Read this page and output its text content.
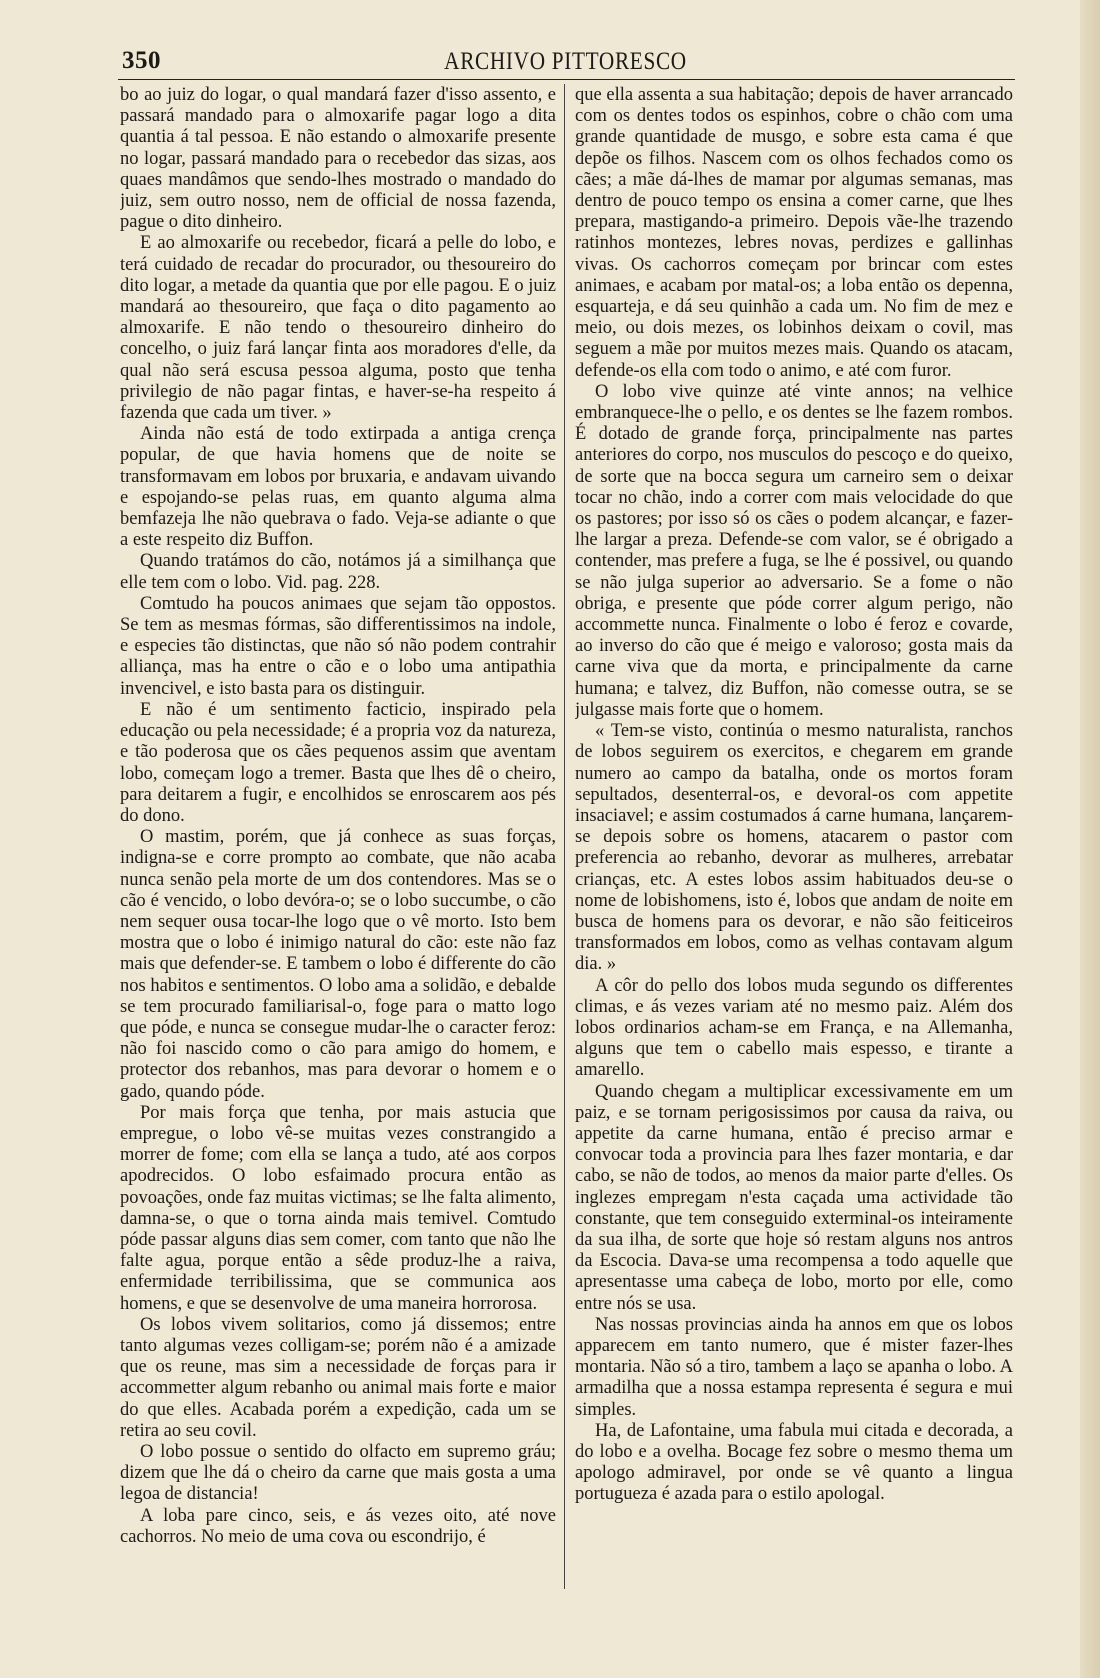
350	ARCHIVO PITTORESCO

bo ao juiz do logar, o qual mandará fazer d'isso assento, e passará mandado para o almoxarife pagar logo a dita quantia á tal pessoa. E não estando o almoxarife presente no logar, passará mandado para o recebedor das sizas, aos quaes mandâmos que sendo-lhes mostrado o mandado do juiz, sem outro nosso, nem de official de nossa fazenda, pague o dito dinheiro.

E ao almoxarife ou recebedor, ficará a pelle do lobo, e terá cuidado de recadar do procurador, ou thesoureiro do dito logar, a metade da quantia que por elle pagou. E o juiz mandará ao thesoureiro, que faça o dito pagamento ao almoxarife. E não tendo o thesoureiro dinheiro do concelho, o juiz fará lançar finta aos moradores d'elle, da qual não será escusa pessoa alguma, posto que tenha privilegio de não pagar fintas, e haver-se-ha respeito á fazenda que cada um tiver. »

Ainda não está de todo extirpada a antiga crença popular, de que havia homens que de noite se transformavam em lobos por bruxaria, e andavam uivando e espojando-se pelas ruas, em quanto alguma alma bemfazeja lhe não quebrava o fado. Veja-se adiante o que a este respeito diz Buffon.

Quando tratámos do cão, notámos já a similhança que elle tem com o lobo. Vid. pag. 228.

Comtudo ha poucos animaes que sejam tão oppostos. Se tem as mesmas fórmas, são differentissimos na indole, e especies tão distinctas, que não só não podem contrahir alliança, mas ha entre o cão e o lobo uma antipathia invencivel, e isto basta para os distinguir.

E não é um sentimento facticio, inspirado pela educação ou pela necessidade; é a propria voz da natureza, e tão poderosa que os cães pequenos assim que aventam lobo, começam logo a tremer. Basta que lhes dê o cheiro, para deitarem a fugir, e encolhidos se enroscarem aos pés do dono.

O mastim, porém, que já conhece as suas forças, indigna-se e corre prompto ao combate, que não acaba nunca senão pela morte de um dos contendores. Mas se o cão é vencido, o lobo devóra-o; se o lobo succumbe, o cão nem sequer ousa tocar-lhe logo que o vê morto. Isto bem mostra que o lobo é inimigo natural do cão: este não faz mais que defender-se. E tambem o lobo é differente do cão nos habitos e sentimentos. O lobo ama a solidão, e debalde se tem procurado familiarisal-o, foge para o matto logo que póde, e nunca se consegue mudar-lhe o caracter feroz: não foi nascido como o cão para amigo do homem, e protector dos rebanhos, mas para devorar o homem e o gado, quando póde.

Por mais força que tenha, por mais astucia que empregue, o lobo vê-se muitas vezes constrangido a morrer de fome; com ella se lança a tudo, até aos corpos apodrecidos. O lobo esfaimado procura então as povoações, onde faz muitas victimas; se lhe falta alimento, damna-se, o que o torna ainda mais temivel. Comtudo póde passar alguns dias sem comer, com tanto que não lhe falte agua, porque então a sêde produz-lhe a raiva, enfermidade terribilissima, que se communica aos homens, e que se desenvolve de uma maneira horrorosa.

Os lobos vivem solitarios, como já dissemos; entre tanto algumas vezes colligam-se; porém não é a amizade que os reune, mas sim a necessidade de forças para ir accommetter algum rebanho ou animal mais forte e maior do que elles. Acabada porém a expedição, cada um se retira ao seu covil.

O lobo possue o sentido do olfacto em supremo gráu; dizem que lhe dá o cheiro da carne que mais gosta a uma legoa de distancia!

A loba pare cinco, seis, e ás vezes oito, até nove cachorros. No meio de uma cova ou escondrijo, é

que ella assenta a sua habitação; depois de haver arrancado com os dentes todos os espinhos, cobre o chão com uma grande quantidade de musgo, e sobre esta cama é que depõe os filhos. Nascem com os olhos fechados como os cães; a mãe dá-lhes de mamar por algumas semanas, mas dentro de pouco tempo os ensina a comer carne, que lhes prepara, mastigando-a primeiro. Depois vãe-lhe trazendo ratinhos montezes, lebres novas, perdizes e gallinhas vivas. Os cachorros começam por brincar com estes animaes, e acabam por matal-os; a loba então os depenna, esquarteja, e dá seu quinhão a cada um. No fim de mez e meio, ou dois mezes, os lobinhos deixam o covil, mas seguem a mãe por muitos mezes mais. Quando os atacam, defende-os ella com todo o animo, e até com furor.

O lobo vive quinze até vinte annos; na velhice embranquece-lhe o pello, e os dentes se lhe fazem rombos. É dotado de grande força, principalmente nas partes anteriores do corpo, nos musculos do pescoço e do queixo, de sorte que na bocca segura um carneiro sem o deixar tocar no chão, indo a correr com mais velocidade do que os pastores; por isso só os cães o podem alcançar, e fazer-lhe largar a preza. Defende-se com valor, se é obrigado a contender, mas prefere a fuga, se lhe é possivel, ou quando se não julga superior ao adversario. Se a fome o não obriga, e presente que póde correr algum perigo, não accommette nunca. Finalmente o lobo é feroz e covarde, ao inverso do cão que é meigo e valoroso; gosta mais da carne viva que da morta, e principalmente da carne humana; e talvez, diz Buffon, não comesse outra, se se julgasse mais forte que o homem.

« Tem-se visto, continúa o mesmo naturalista, ranchos de lobos seguirem os exercitos, e chegarem em grande numero ao campo da batalha, onde os mortos foram sepultados, desenterral-os, e devoral-os com appetite insaciavel; e assim costumados á carne humana, lançarem-se depois sobre os homens, atacarem o pastor com preferencia ao rebanho, devorar as mulheres, arrebatar crianças, etc. A estes lobos assim habituados deu-se o nome de lobishomens, isto é, lobos que andam de noite em busca de homens para os devorar, e não são feiticeiros transformados em lobos, como as velhas contavam algum dia. »

A côr do pello dos lobos muda segundo os differentes climas, e ás vezes variam até no mesmo paiz. Além dos lobos ordinarios acham-se em França, e na Allemanha, alguns que tem o cabello mais espesso, e tirante a amarello.

Quando chegam a multiplicar excessivamente em um paiz, e se tornam perigosissimos por causa da raiva, ou appetite da carne humana, então é preciso armar e convocar toda a provincia para lhes fazer montaria, e dar cabo, se não de todos, ao menos da maior parte d'elles. Os inglezes empregam n'esta caçada uma actividade tão constante, que tem conseguido exterminal-os inteiramente da sua ilha, de sorte que hoje só restam alguns nos antros da Escocia. Dava-se uma recompensa a todo aquelle que apresentasse uma cabeça de lobo, morto por elle, como entre nós se usa.

Nas nossas provincias ainda ha annos em que os lobos apparecem em tanto numero, que é mister fazer-lhes montaria. Não só a tiro, tambem a laço se apanha o lobo. A armadilha que a nossa estampa representa é segura e mui simples.

Ha, de Lafontaine, uma fabula mui citada e decorada, a do lobo e a ovelha. Bocage fez sobre o mesmo thema um apologo admiravel, por onde se vê quanto a lingua portugueza é azada para o estilo apologal.
